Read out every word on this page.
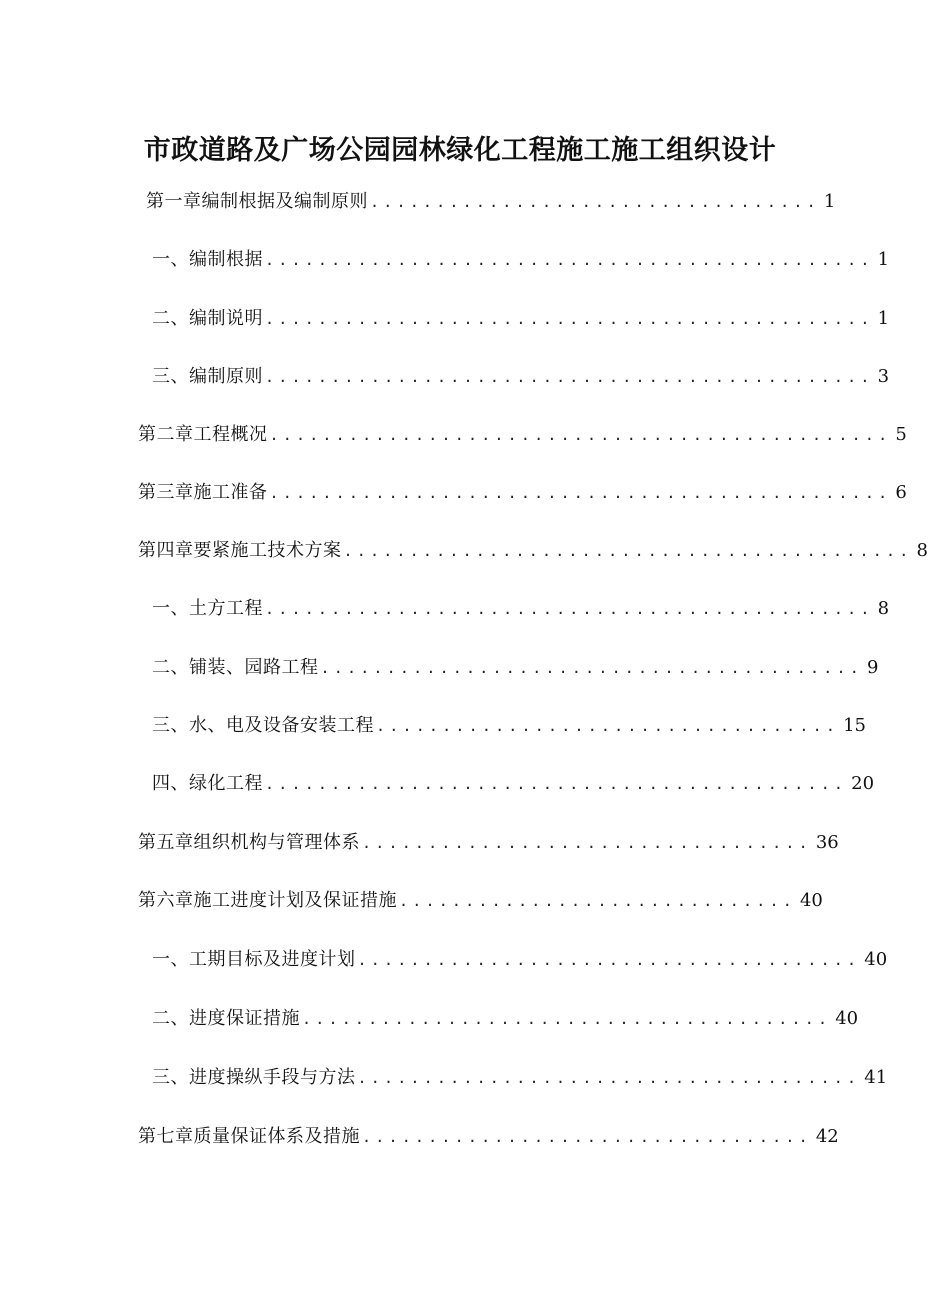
市政道路及广场公园园林绿化工程施工施工组织设计
第一章编制根据及编制原则 .................................. 1
一、编制根据 .............................................. 1
二、编制说明 .............................................. 1
三、编制原则 .............................................. 3
第二章工程概况 ............................................... 5
第三章施工准备 ............................................... 6
第四章要紧施工技术方案 ........................................... 8
一、土方工程 .............................................. 8
二、铺装、园路工程 ......................................... 9
三、水、电及设备安装工程 ................................... 15
四、绿化工程 ............................................ 20
第五章组织机构与管理体系 .................................. 36
第六章施工进度计划及保证措施 .............................. 40
一、工期目标及进度计划 ...................................... 40
二、进度保证措施 ........................................ 40
三、进度操纵手段与方法 ...................................... 41
第七章质量保证体系及措施 .................................. 42
